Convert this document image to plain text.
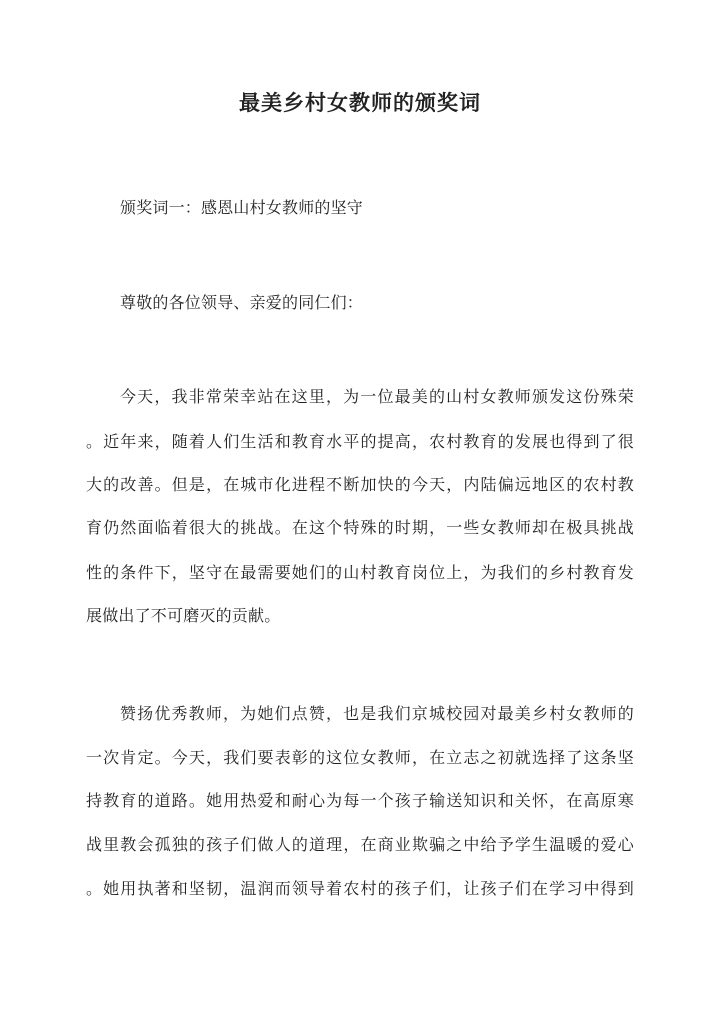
最美乡村女教师的颁奖词
颁奖词一：感恩山村女教师的坚守
尊敬的各位领导、亲爱的同仁们：
今天，我非常荣幸站在这里，为一位最美的山村女教师颁发这份殊荣
。近年来，随着人们生活和教育水平的提高，农村教育的发展也得到了很
大的改善。但是，在城市化进程不断加快的今天，内陆偏远地区的农村教
育仍然面临着很大的挑战。在这个特殊的时期，一些女教师却在极具挑战
性的条件下，坚守在最需要她们的山村教育岗位上，为我们的乡村教育发
展做出了不可磨灭的贡献。
赞扬优秀教师，为她们点赞，也是我们京城校园对最美乡村女教师的
一次肯定。今天，我们要表彰的这位女教师，在立志之初就选择了这条坚
持教育的道路。她用热爱和耐心为每一个孩子输送知识和关怀，在高原寒
战里教会孤独的孩子们做人的道理，在商业欺骗之中给予学生温暖的爱心
。她用执著和坚韧，温润而领导着农村的孩子们，让孩子们在学习中得到
